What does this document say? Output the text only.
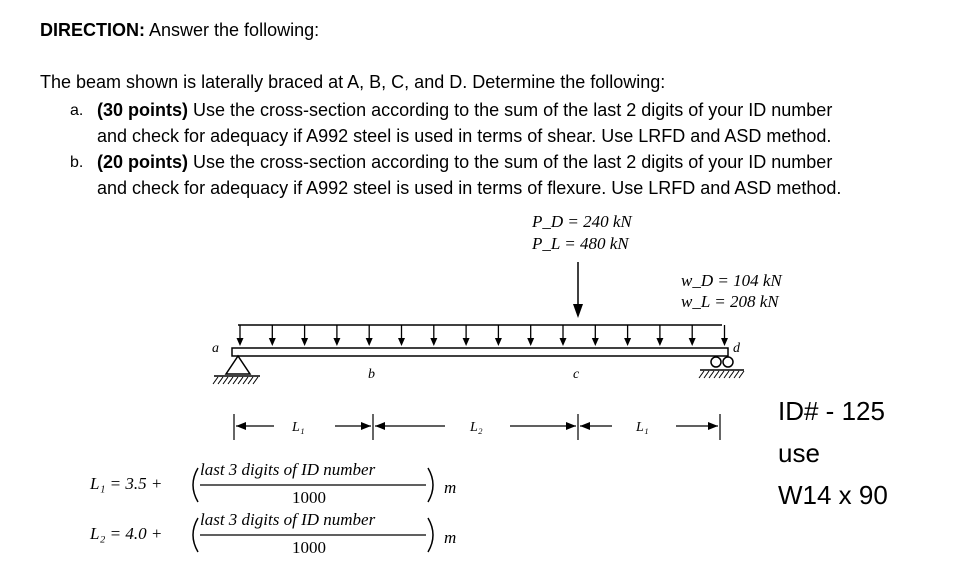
DIRECTION: Answer the following:
The beam shown is laterally braced at A, B, C, and D. Determine the following:
a. (30 points) Use the cross-section according to the sum of the last 2 digits of your ID number
and check for adequacy if A992 steel is used in terms of shear. Use LRFD and ASD method.
b. (20 points) Use the cross-section according to the sum of the last 2 digits of your ID number
and check for adequacy if A992 steel is used in terms of flexure. Use LRFD and ASD method.
P_D = 240 kN
P_L = 480 kN
w_D = 104 kN
w_L = 208 kN
a
b	c
d
L₁	L₂	L₁
L₁ = 3.5 +
last 3 digits of ID number
1000
m
L₂ = 4.0 +
last 3 digits of ID number
1000
m
ID# - 125
use
W14 x 90
